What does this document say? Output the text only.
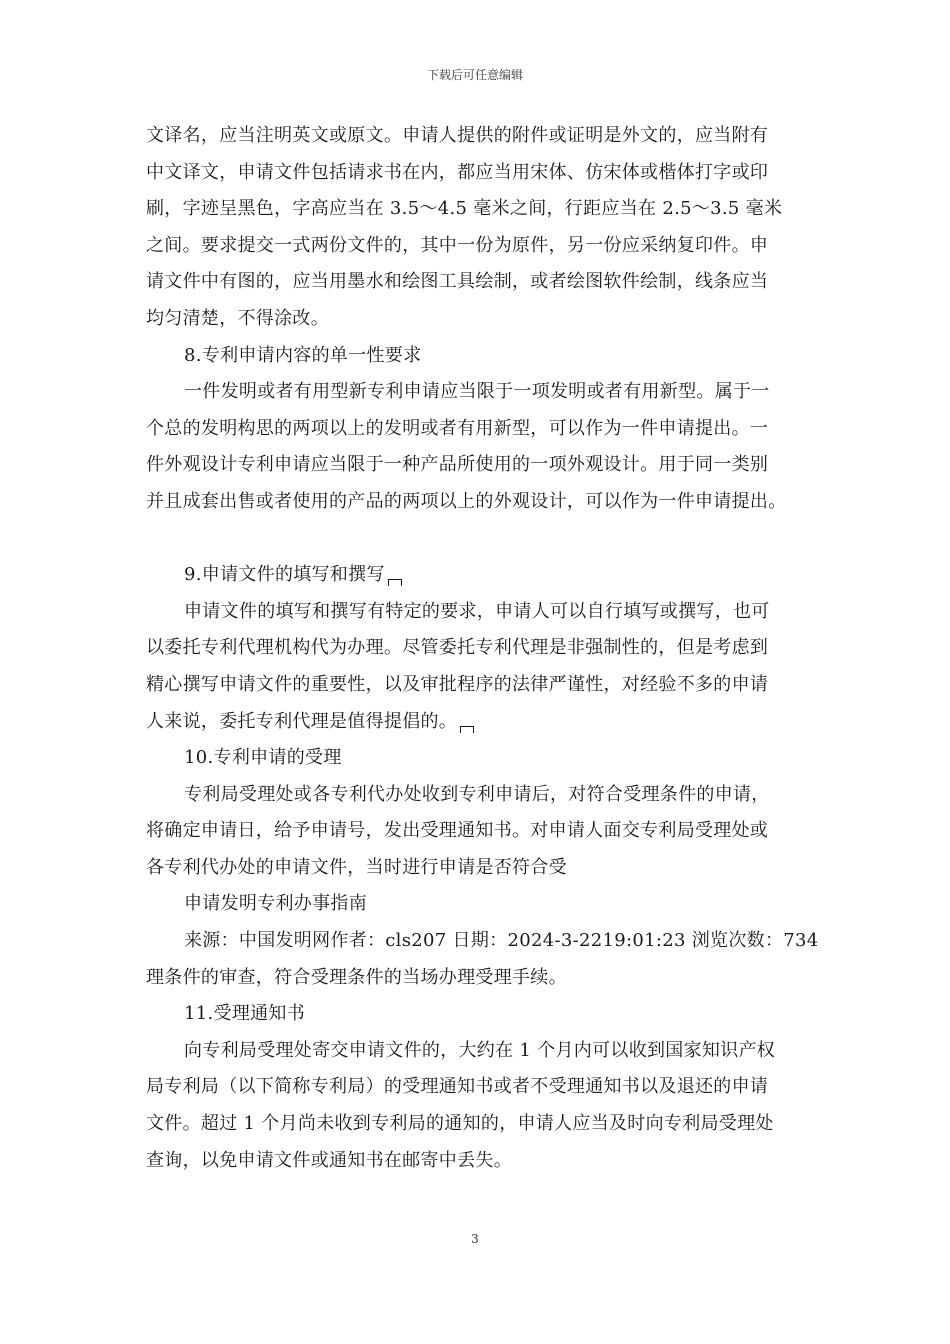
下载后可任意编辑
文译名，应当注明英文或原文。申请人提供的附件或证明是外文的，应当附有
中文译文，申请文件包括请求书在内，都应当用宋体、仿宋体或楷体打字或印
刷，字迹呈黑色，字高应当在 3.5～4.5 毫米之间，行距应当在 2.5～3.5 毫米
之间。要求提交一式两份文件的，其中一份为原件，另一份应采纳复印件。申
请文件中有图的，应当用墨水和绘图工具绘制，或者绘图软件绘制，线条应当
均匀清楚，不得涂改。
8.专利申请内容的单一性要求
一件发明或者有用型新专利申请应当限于一项发明或者有用新型。属于一
个总的发明构思的两项以上的发明或者有用新型，可以作为一件申请提出。一
件外观设计专利申请应当限于一种产品所使用的一项外观设计。用于同一类别
并且成套出售或者使用的产品的两项以上的外观设计，可以作为一件申请提出。
9.申请文件的填写和撰写
申请文件的填写和撰写有特定的要求，申请人可以自行填写或撰写，也可
以委托专利代理机构代为办理。尽管委托专利代理是非强制性的，但是考虑到
精心撰写申请文件的重要性，以及审批程序的法律严谨性，对经验不多的申请
人来说，委托专利代理是值得提倡的。
10.专利申请的受理
专利局受理处或各专利代办处收到专利申请后，对符合受理条件的申请，
将确定申请日，给予申请号，发出受理通知书。对申请人面交专利局受理处或
各专利代办处的申请文件，当时进行申请是否符合受
申请发明专利办事指南
来源：中国发明网作者：cls207 日期：2024-3-2219:01:23 浏览次数：734
理条件的审查，符合受理条件的当场办理受理手续。
11.受理通知书
向专利局受理处寄交申请文件的，大约在 1 个月内可以收到国家知识产权
局专利局（以下简称专利局）的受理通知书或者不受理通知书以及退还的申请
文件。超过 1 个月尚未收到专利局的通知的，申请人应当及时向专利局受理处
查询，以免申请文件或通知书在邮寄中丢失。
3
